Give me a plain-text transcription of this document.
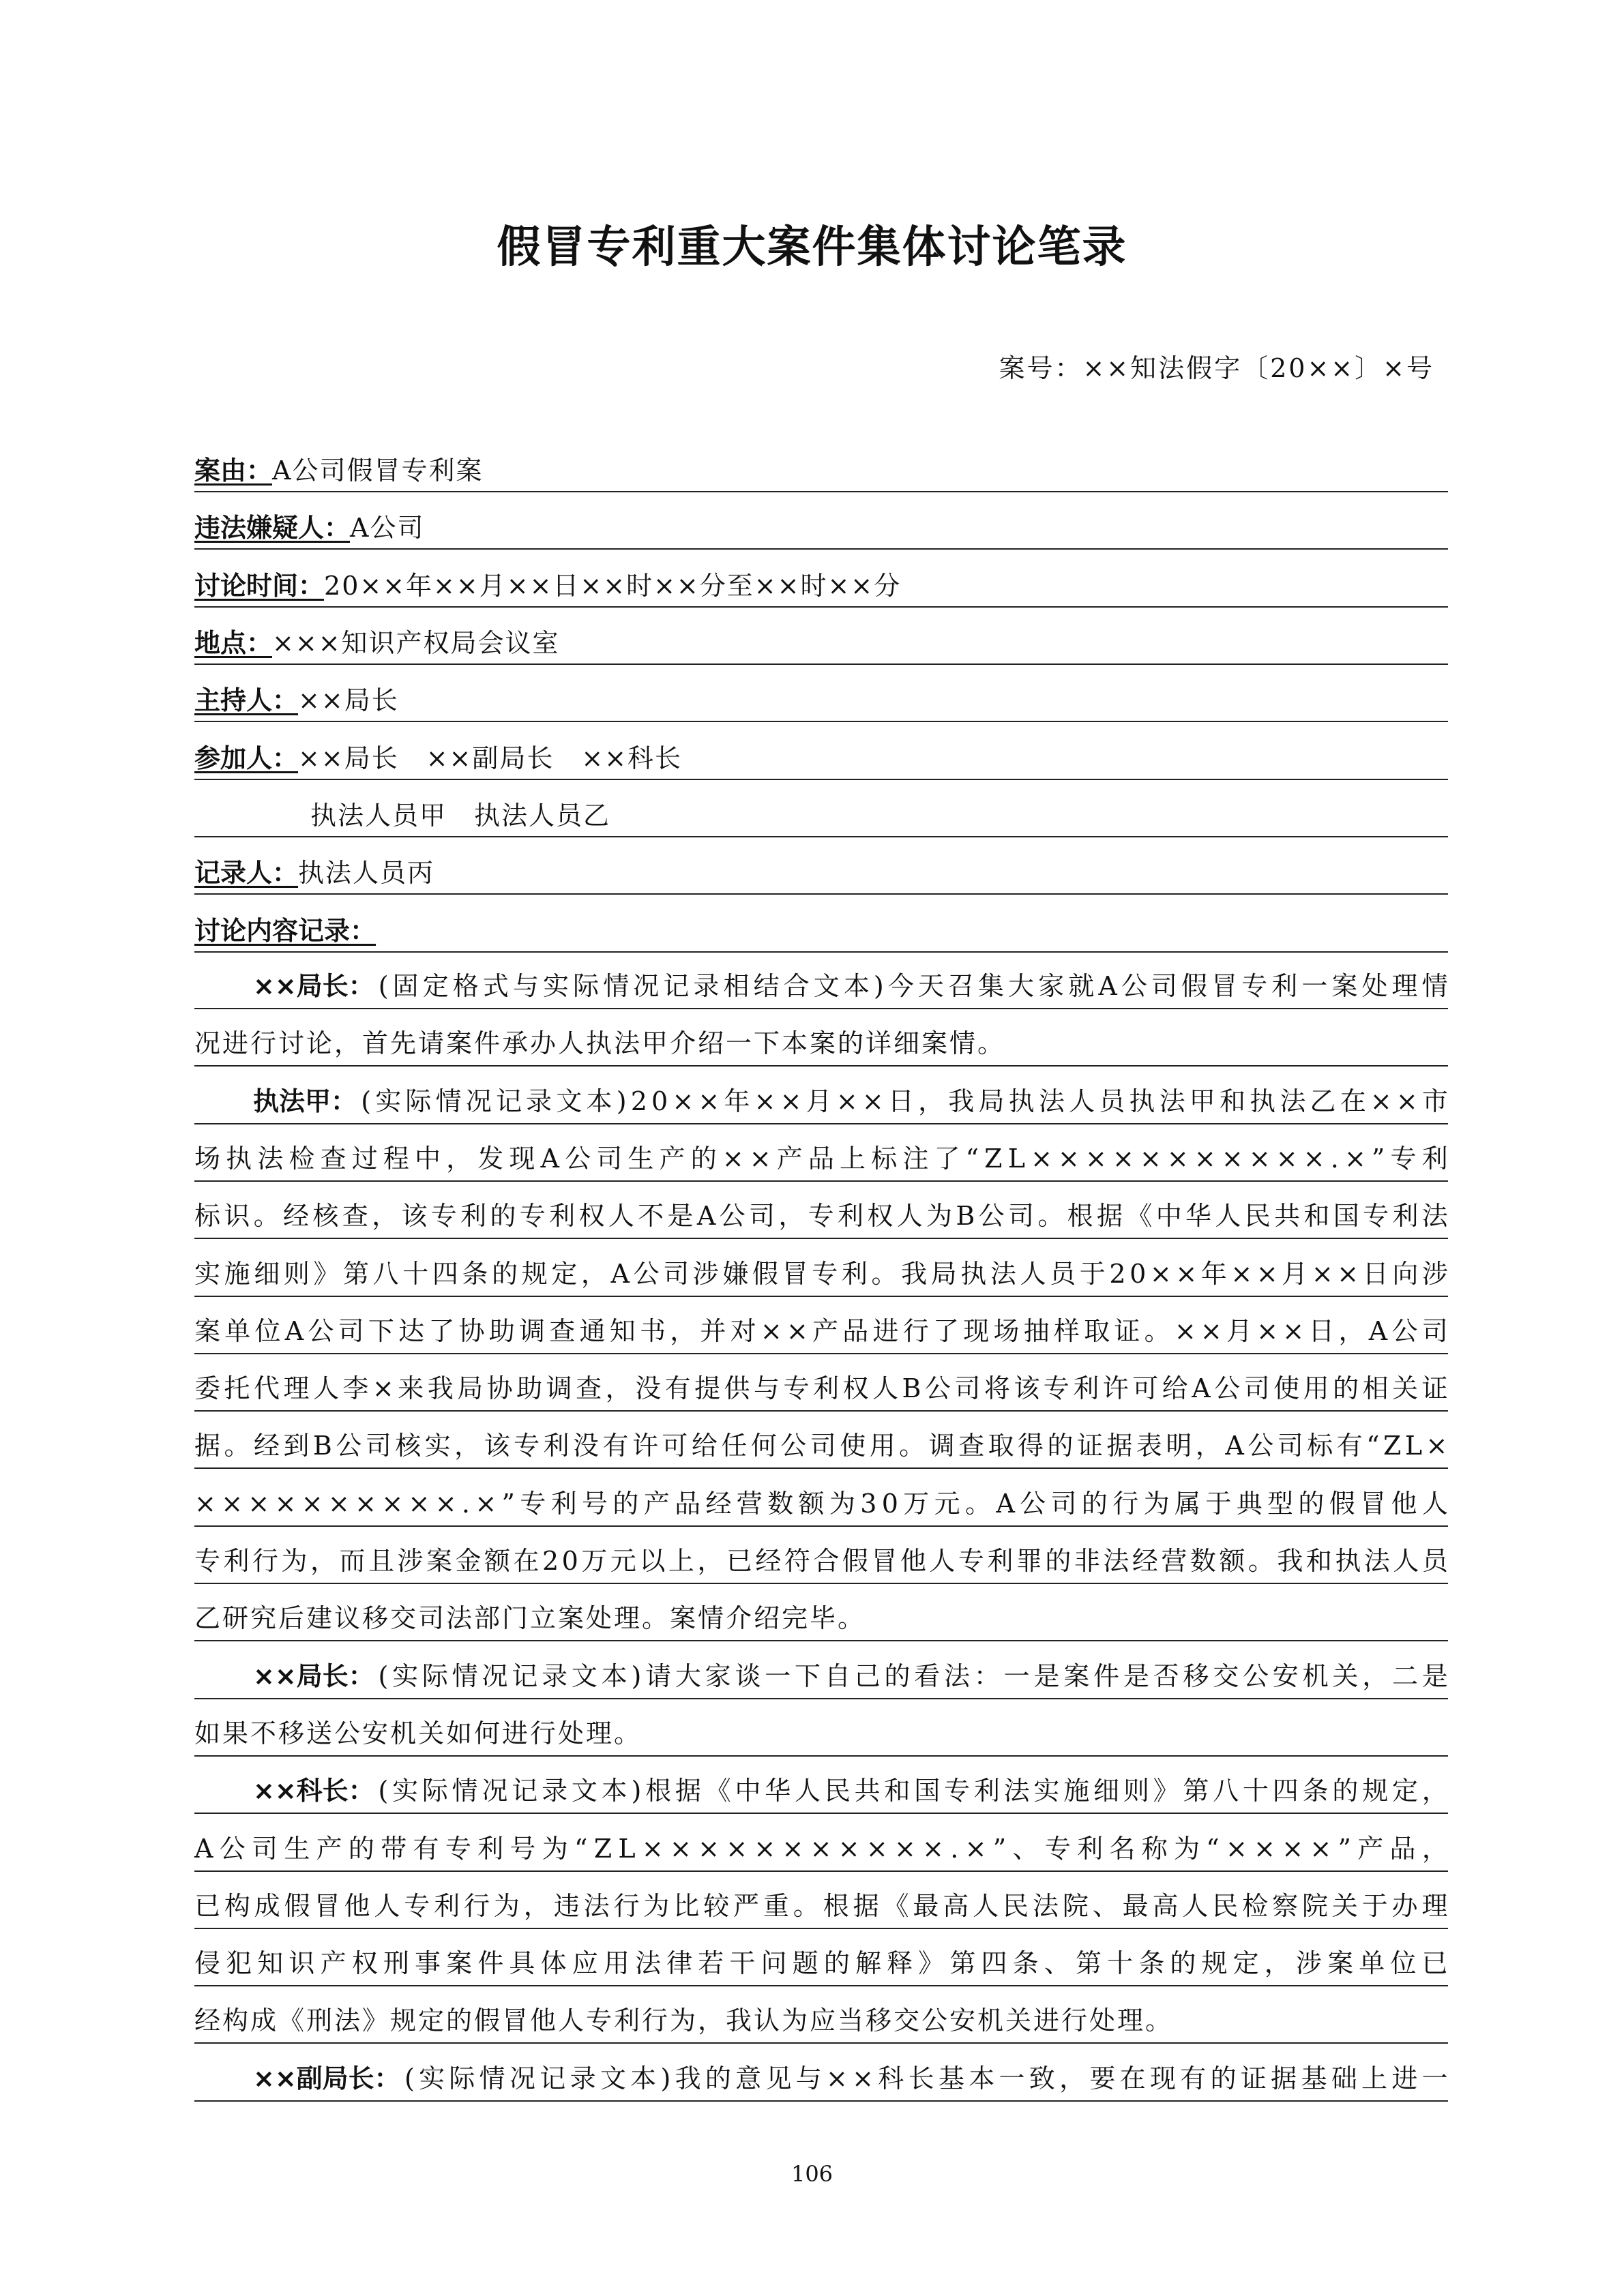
假冒专利重大案件集体讨论笔录
案号：××知法假字〔20××〕×号
案由：A公司假冒专利案
违法嫌疑人：A公司
讨论时间：20××年××月××日××时××分至××时××分
地点：×××知识产权局会议室
主持人：××局长
参加人：××局长　××副局长　××科长
执法人员甲　执法人员乙
记录人：执法人员丙
讨论内容记录：
××局长： ( 固 定 格 式 与 实 际 情 况 记 录 相 结 合 文 本 ) 今 天 召 集 大 家 就 A 公 司 假 冒 专 利 一 案 处 理 情
况进行讨论，首先请案件承办人执法甲介绍一下本案的详细案情。
执法甲： ( 实 际 情 况 记 录 文 本 ) 2 0 × × 年 × × 月 × × 日 ， 我 局 执 法 人 员 执 法 甲 和 执 法 乙 在 × × 市
场 执 法 检 查 过 程 中 ， 发 现 A 公 司 生 产 的 × × 产 品 上 标 注 了 “ Z L × × × × × × × × × × × . × ” 专 利
标 识 。 经 核 查 ， 该 专 利 的 专 利 权 人 不 是 A 公 司 ， 专 利 权 人 为 B 公 司 。 根 据 《 中 华 人 民 共 和 国 专 利 法
实 施 细 则 》 第 八 十 四 条 的 规 定 ， A 公 司 涉 嫌 假 冒 专 利 。 我 局 执 法 人 员 于 2 0 × × 年 × × 月 × × 日 向 涉
案 单 位 A 公 司 下 达 了 协 助 调 查 通 知 书 ， 并 对 × × 产 品 进 行 了 现 场 抽 样 取 证 。 × × 月 × × 日 ， A 公 司
委 托 代 理 人 李 × 来 我 局 协 助 调 查 ， 没 有 提 供 与 专 利 权 人 B 公 司 将 该 专 利 许 可 给 A 公 司 使 用 的 相 关 证
据 。 经 到 B 公 司 核 实 ， 该 专 利 没 有 许 可 给 任 何 公 司 使 用 。 调 查 取 得 的 证 据 表 明 ， A 公 司 标 有 “ Z L ×
× × × × × × × × × × . × ” 专 利 号 的 产 品 经 营 数 额 为 3 0 万 元 。 A 公 司 的 行 为 属 于 典 型 的 假 冒 他 人
专 利 行 为 ， 而 且 涉 案 金 额 在 2 0 万 元 以 上 ， 已 经 符 合 假 冒 他 人 专 利 罪 的 非 法 经 营 数 额 。 我 和 执 法 人 员
乙研究后建议移交司法部门立案处理。案情介绍完毕。
××局长： ( 实 际 情 况 记 录 文 本 ) 请 大 家 谈 一 下 自 己 的 看 法 ： 一 是 案 件 是 否 移 交 公 安 机 关 ， 二 是
如果不移送公安机关如何进行处理。
××科长： ( 实 际 情 况 记 录 文 本 ) 根 据 《 中 华 人 民 共 和 国 专 利 法 实 施 细 则 》 第 八 十 四 条 的 规 定 ，
A 公 司 生 产 的 带 有 专 利 号 为 “ Z L × × × × × × × × × × × . × ” 、 专 利 名 称 为 “ × × × × ” 产 品 ，
已 构 成 假 冒 他 人 专 利 行 为 ， 违 法 行 为 比 较 严 重 。 根 据 《 最 高 人 民 法 院 、 最 高 人 民 检 察 院 关 于 办 理
侵 犯 知 识 产 权 刑 事 案 件 具 体 应 用 法 律 若 干 问 题 的 解 释 》 第 四 条 、 第 十 条 的 规 定 ， 涉 案 单 位 已
经构成《刑法》规定的假冒他人专利行为，我认为应当移交公安机关进行处理。
××副局长： ( 实 际 情 况 记 录 文 本 ) 我 的 意 见 与 × × 科 长 基 本 一 致 ， 要 在 现 有 的 证 据 基 础 上 进 一
106
